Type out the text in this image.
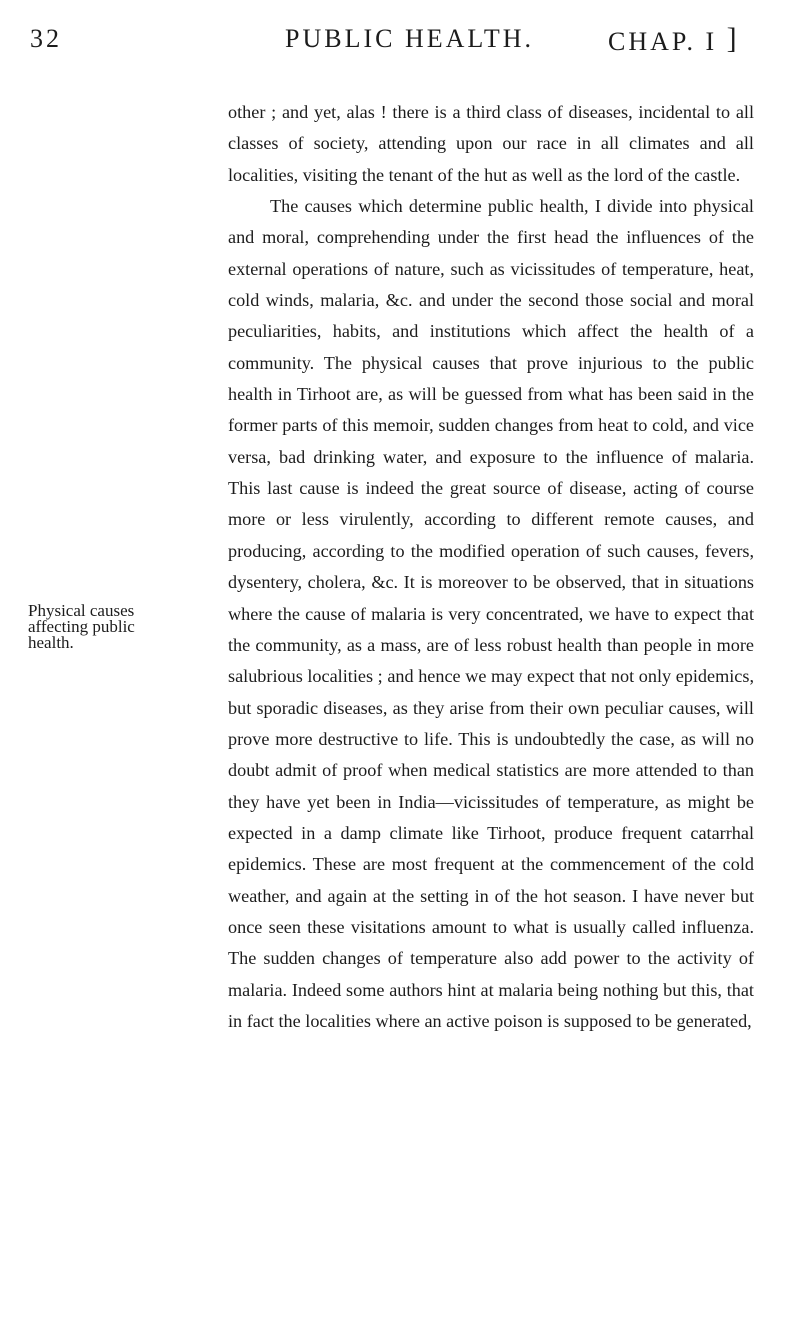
32	PUBLIC HEALTH.	CHAP. I ]

other ; and yet, alas ! there is a third class of diseases, incidental to all classes of society, attending upon our race in all climates and all localities, visiting the tenant of the hut as well as the lord of the castle.

The causes which determine public health, I divide into physical and moral, comprehending under the first head the influences of the external operations of nature, such as vicissitudes of temperature, heat, cold winds, malaria, &c. and under the second those social and moral peculiarities, habits, and institutions which affect the health of a community. The physical causes that prove injurious to the public health in Tirhoot are, as will be guessed from what has been said in the former parts of this memoir, sudden changes from heat to cold, and vice versa, bad drinking water, and exposure to the influence of malaria. This last cause is indeed the great source of disease, acting of course more or less virulently, according to different remote causes, and producing, according to the modified operation of such causes, fevers, dysentery, cholera, &c. It is moreover to be observed, that in situations where the cause of malaria is very concentrated, we have to expect that the community, as a mass, are of less robust health than people in more salubrious localities ; and hence we may expect that not only epidemics, but sporadic diseases, as they arise from their own peculiar causes, will prove more destructive to life. This is undoubtedly the case, as will no doubt admit of proof when medical statistics are more attended to than they have yet been in India—vicissitudes of temperature, as might be expected in a damp climate like Tirhoot, produce frequent catarrhal epidemics. These are most frequent at the commencement of the cold weather, and again at the setting in of the hot season. I have never but once seen these visitations amount to what is usually called influenza. The sudden changes of temperature also add power to the activity of malaria. Indeed some authors hint at malaria being nothing but this, that in fact the localities where an active poison is supposed to be generated,

Physical causes
affecting public
health.
